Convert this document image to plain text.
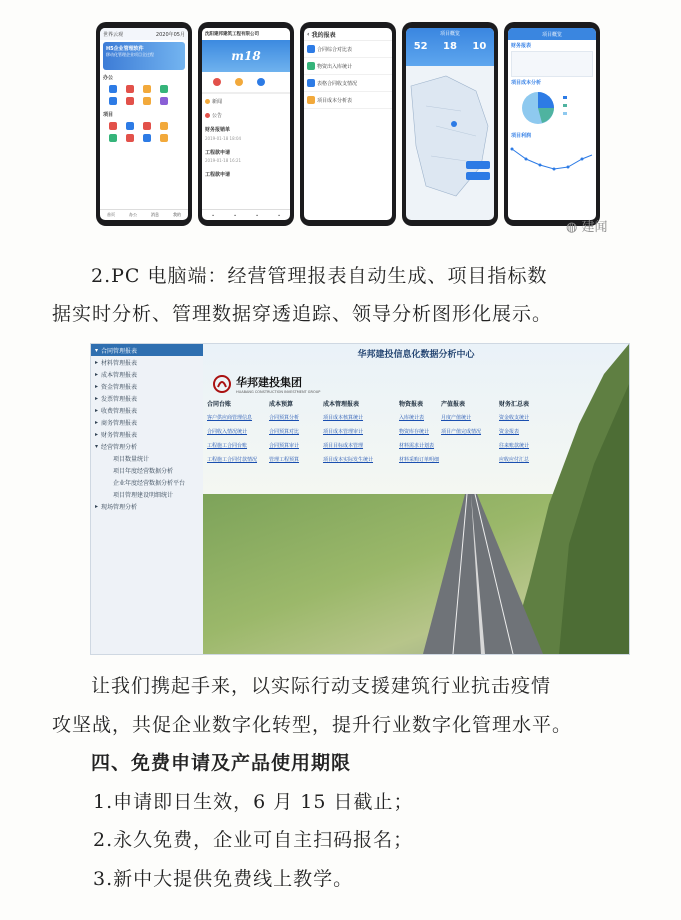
世界云观	2020年05月
H5企业管理软件
移动化管理企业项目全过程
办公
项目
首页	办公	消息	我的
沈阳建邦建筑工程有限公司
m18
新闻
公告
财务报销单
2019-01-18 18:04
工程款申请
2019-01-18 16:21
工程款申请
•	•	•	•
‹
我的报表
合同综合对比表
物资出入库统计
表格合同收支情况
项目成本分析表
项目概览
52 18 10
项目概览
财务报表
项目成本分析
项目利润
◍ 建闻
2.PC 电脑端：经营管理报表自动生成、项目指标数
据实时分析、管理数据穿透追踪、领导分析图形化展示。
▾ 合同管理报表
▸ 材料管理报表
▸ 成本管理报表
▸ 资金管理报表
▸ 发票管理报表
▸ 收费管理报表
▸ 商务管理报表
▸ 财务管理报表
▾ 经营管理分析
项目数量统计
项目年度经营数据分析
企业年度经营数据分析平台
项目管理建设明细统计
▸ 现场管理分析
华邦建投信息化数据分析中心
华邦建投集团
HUABANG CONSTRUCTION INVESTMENT GROUP
合同台账
客户供应商管理信息
合同收入情况统计
工程施工合同台账
工程施工合同付款情况
成本预算
合同预算分析
合同预算对比
合同预算审计
管理工程预算
成本管理报表
项目成本核算统计
项目成本管理审计
项目目标成本管理
项目成本实际发生统计
物资报表
入库统计表
物资库存统计
材料需求计划表
材料采购订单明细
产值报表
月度产值统计
项目产值完成情况
财务汇总表
资金收支统计
资金报表
往来账款统计
应收应付汇总
让我们携起手来，以实际行动支援建筑行业抗击疫情
攻坚战，共促企业数字化转型，提升行业数字化管理水平。
四、免费申请及产品使用期限
1.申请即日生效，6 月 15 日截止；
2.永久免费，企业可自主扫码报名；
3.新中大提供免费线上教学。
